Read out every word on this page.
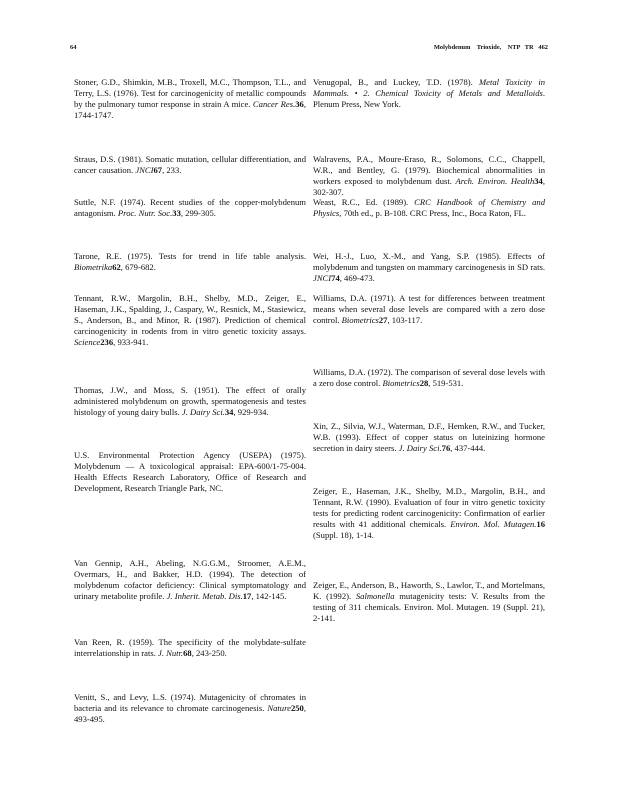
64	Molybdenum    Trioxide,    NTP   TR   462

Stoner, G.D., Shimkin, M.B., Troxell, M.C., Thompson, T.L., and Terry, L.S. (1976). Test for carcinogenicity of metallic compounds by the pulmonary tumor response in strain A mice. Cancer Res.36, 1744-1747.

Straus, D.S. (1981). Somatic mutation, cellular differentiation, and cancer causation. JNCI67, 233.

Suttle, N.F. (1974). Recent studies of the copper-molybdenum antagonism. Proc. Nutr. Soc.33, 299-305.

Tarone, R.E. (1975). Tests for trend in life table analysis. Biometrika62, 679-682.

Tennant, R.W., Margolin, B.H., Shelby, M.D., Zeiger, E., Haseman, J.K., Spalding, J., Caspary, W., Resnick, M., Stasiewicz, S., Anderson, B., and Minor, R. (1987). Prediction of chemical carcinogenicity in rodents from in vitro genetic toxicity assays. Science236, 933-941.

Thomas, J.W., and Moss, S. (1951). The effect of orally administered molybdenum on growth, spermatogenesis and testes histology of young dairy bulls. J. Dairy Sci.34, 929-934.

U.S. Environmental Protection Agency (USEPA) (1975). Molybdenum — A toxicological appraisal: EPA-600/1-75-004. Health Effects Research Laboratory, Office of Research and Development, Research Triangle Park, NC.

Van Gennip, A.H., Abeling, N.G.G.M., Stroomer, A.E.M., Overmars, H., and Bakker, H.D. (1994). The detection of molybdenum cofactor deficiency: Clinical symptomatology and urinary metabolite profile. J. Inherit. Metab. Dis.17, 142-145.

Van Reen, R. (1959). The specificity of the molybdate-sulfate interrelationship in rats. J. Nutr.68, 243-250.

Venitt, S., and Levy, L.S. (1974). Mutagenicity of chromates in bacteria and its relevance to chromate carcinogenesis. Nature250, 493-495.

Venugopal, B., and Luckey, T.D. (1978). Metal Toxicity in Mammals. • 2. Chemical Toxicity of Metals and Metalloids. Plenum Press, New York.

Walravens, P.A., Moure-Eraso, R., Solomons, C.C., Chappell, W.R., and Bentley, G. (1979). Biochemical abnormalities in workers exposed to molybdenum dust. Arch. Environ. Health34, 302-307.

Weast, R.C., Ed. (1989). CRC Handbook of Chemistry and Physics, 70th ed., p. B-108. CRC Press, Inc., Boca Raton, FL.

Wei, H.-J., Luo, X.-M., and Yang, S.P. (1985). Effects of molybdenum and tungsten on mammary carcinogenesis in SD rats. JNCI74, 469-473.

Williams, D.A. (1971). A test for differences between treatment means when several dose levels are compared with a zero dose control. Biometrics27, 103-117.

Williams, D.A. (1972). The comparison of several dose levels with a zero dose control. Biometrics28, 519-531.

Xin, Z., Silvia, W.J., Waterman, D.F., Hemken, R.W., and Tucker, W.B. (1993). Effect of copper status on luteinizing hormone secretion in dairy steers. J. Dairy Sci.76, 437-444.

Zeiger, E., Haseman, J.K., Shelby, M.D., Margolin, B.H., and Tennant, R.W. (1990). Evaluation of four in vitro genetic toxicity tests for predicting rodent carcinogenicity: Confirmation of earlier results with 41 additional chemicals. Environ. Mol. Mutagen.16 (Suppl. 18), 1-14.

Zeiger, E., Anderson, B., Haworth, S., Lawlor, T., and Mortelmans, K. (1992). Salmonella mutagenicity tests: V. Results from the testing of 311 chemicals. Environ. Mol. Mutagen. 19 (Suppl. 21), 2-141.
